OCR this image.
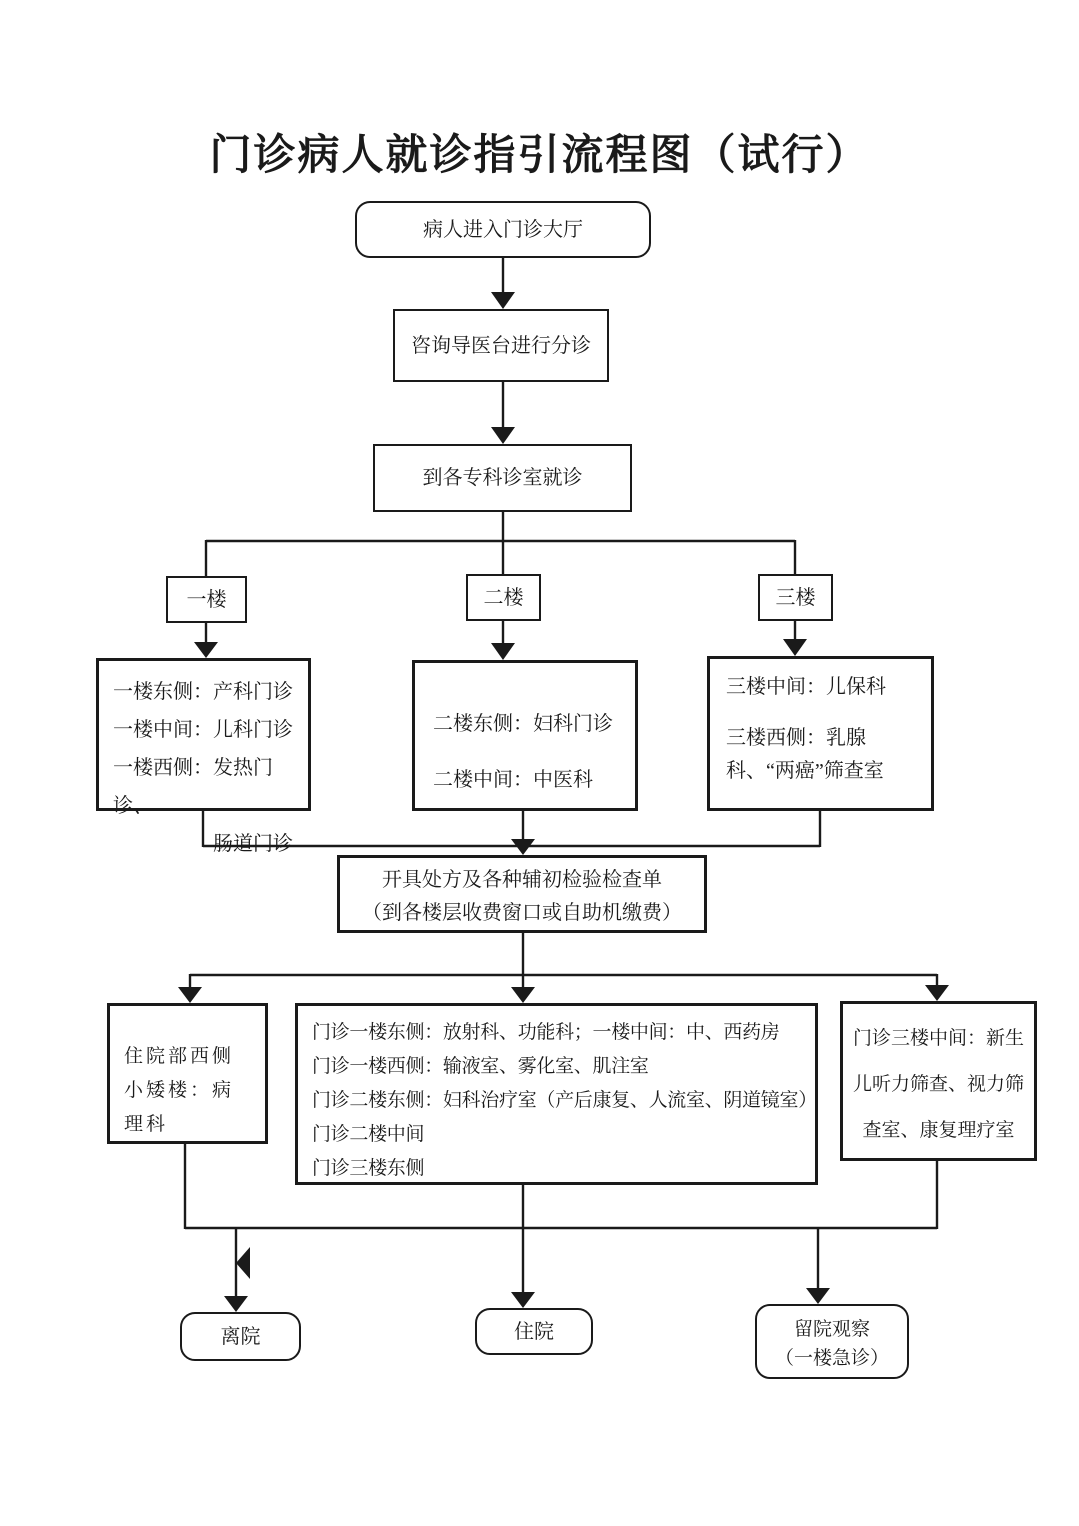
门诊病人就诊指引流程图（试行）
病人进入门诊大厅
咨询导医台进行分诊
到各专科诊室就诊
一楼	二楼	三楼
一楼东侧：产科门诊
一楼中间：儿科门诊
一楼西侧：发热门诊、
肠道门诊
二楼东侧：妇科门诊
二楼中间：中医科
三楼中间：儿保科
三楼西侧：乳腺科、“两癌”筛查室
开具处方及各种辅初检验检查单
（到各楼层收费窗口或自助机缴费）
住院部西侧小矮楼：病理科
门诊一楼东侧：放射科、功能科；一楼中间：中、西药房
门诊一楼西侧：输液室、雾化室、肌注室
门诊二楼东侧：妇科治疗室（产后康复、人流室、阴道镜室）
门诊二楼中间
门诊三楼东侧
门诊三楼中间：新生儿听力筛查、视力筛查室、康复理疗室
离院	住院	留院观察
（一楼急诊）
